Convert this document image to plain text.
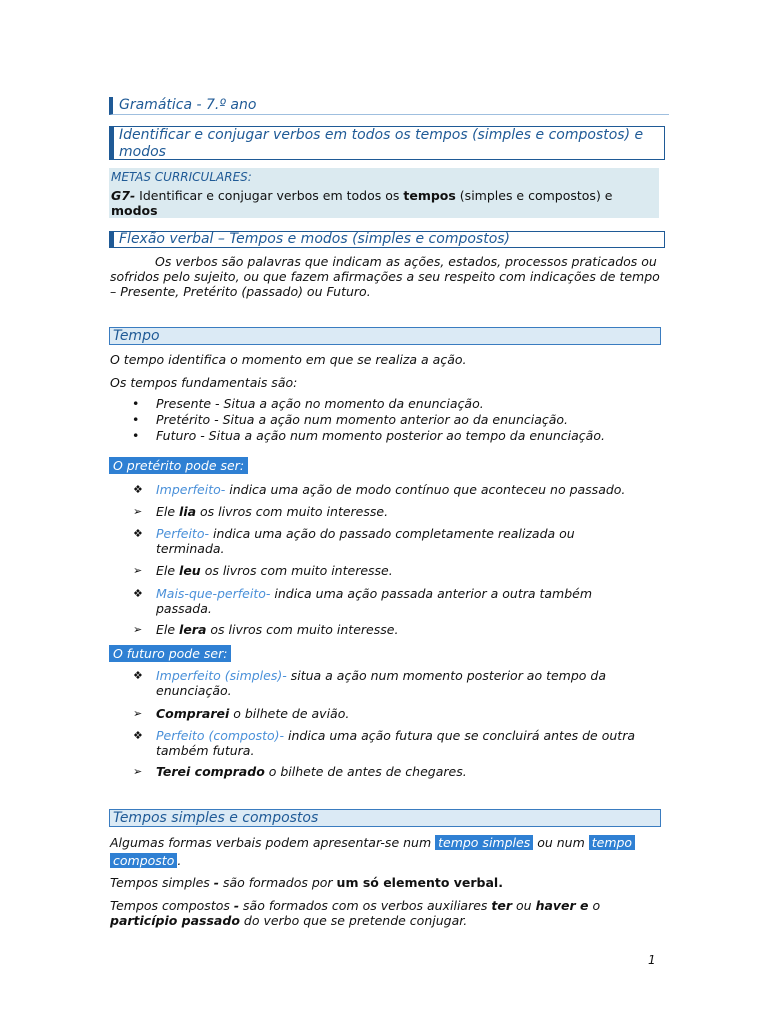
Gramática - 7.º ano
Identificar e conjugar verbos em todos os tempos (simples e compostos) e modos
METAS CURRICULARES:
G7- Identificar e conjugar verbos em todos os tempos (simples e compostos) e
modos
Flexão verbal – Tempos e modos (simples e compostos)
Os verbos são palavras que indicam as ações, estados, processos praticados ou sofridos pelo sujeito, ou que fazem afirmações a seu respeito com indicações de tempo – Presente, Pretérito (passado) ou Futuro.
Tempo
O tempo identifica o momento em que se realiza a ação.
Os tempos fundamentais são:
• Presente - Situa a ação no momento da enunciação.
• Pretérito - Situa a ação num momento anterior ao da enunciação.
• Futuro - Situa a ação num momento posterior ao tempo da enunciação.
O pretérito pode ser:
❖ Imperfeito- indica uma ação de modo contínuo que aconteceu no passado.
➢ Ele lia os livros com muito interesse.
❖ Perfeito- indica uma ação do passado completamente realizada ou
terminada.
➢ Ele leu os livros com muito interesse.
❖ Mais-que-perfeito- indica uma ação passada anterior a outra também
passada.
➢ Ele lera os livros com muito interesse.
O futuro pode ser:
❖ Imperfeito (simples)- situa a ação num momento posterior ao tempo da
enunciação.
➢ Comprarei o bilhete de avião.
❖ Perfeito (composto)- indica uma ação futura que se concluirá antes de outra
também futura.
➢ Terei comprado o bilhete de antes de chegares.
Tempos simples e compostos
Algumas formas verbais podem apresentar-se num tempo simples ou num tempo
composto .
Tempos simples - são formados por um só elemento verbal.
Tempos compostos - são formados com os verbos auxiliares ter ou haver e o
particípio passado do verbo que se pretende conjugar.
1
